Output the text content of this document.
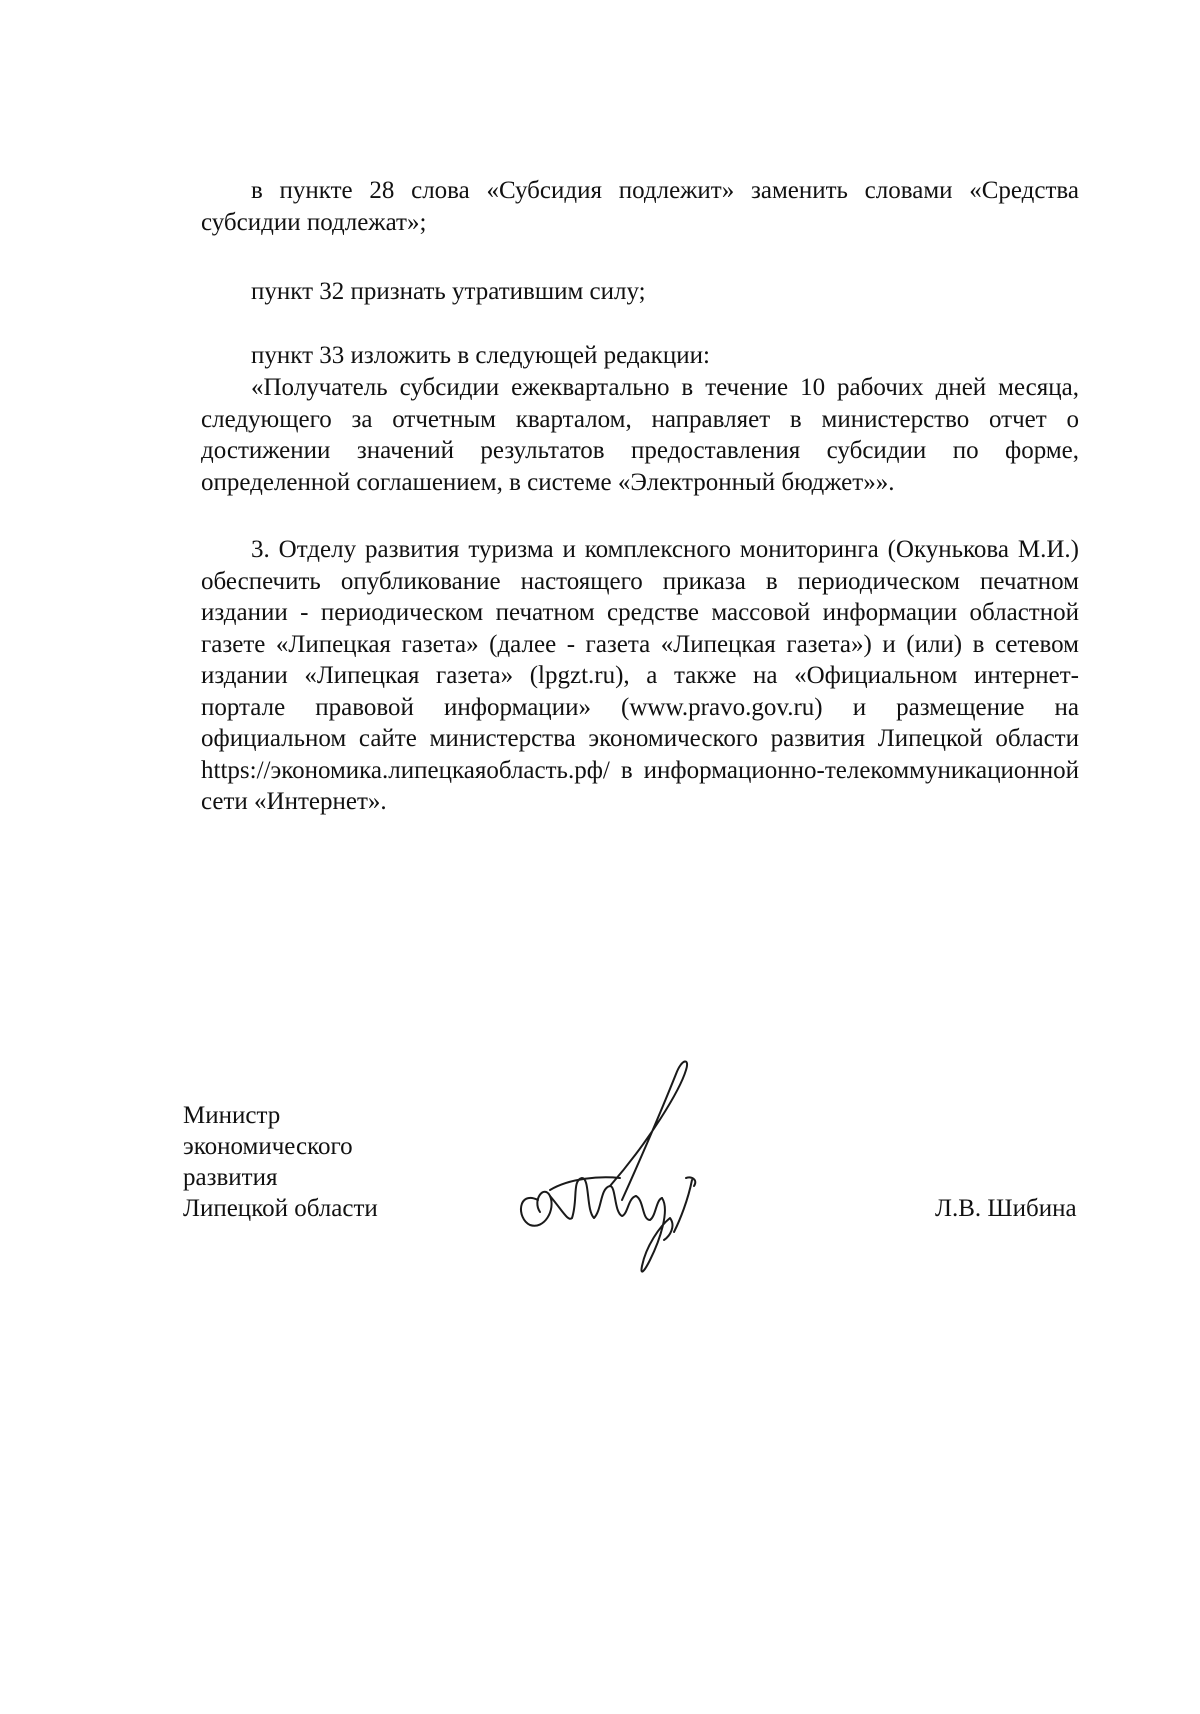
в пункте 28 слова «Субсидия подлежит» заменить словами «Средства субсидии подлежат»;

пункт 32 признать утратившим силу;

пункт 33 изложить в следующей редакции:

«Получатель субсидии ежеквартально в течение 10 рабочих дней месяца, следующего за отчетным кварталом, направляет в министерство отчет о достижении значений результатов предоставления субсидии по форме, определенной соглашением, в системе «Электронный бюджет»».

3. Отделу развития туризма и комплексного мониторинга (Окунькова М.И.) обеспечить опубликование настоящего приказа в периодическом печатном издании - периодическом печатном средстве массовой информации областной газете «Липецкая газета» (далее - газета «Липецкая газета») и (или) в сетевом издании «Липецкая газета» (lpgzt.ru), а также на «Официальном интернет-портале правовой информации» (www.pravo.gov.ru) и размещение на официальном сайте министерства экономического развития Липецкой области https://экономика.липецкаяобласть.рф/ в информационно-телекоммуникационной сети «Интернет».

Министр
экономического
развития
Липецкой области	Л.В. Шибина
